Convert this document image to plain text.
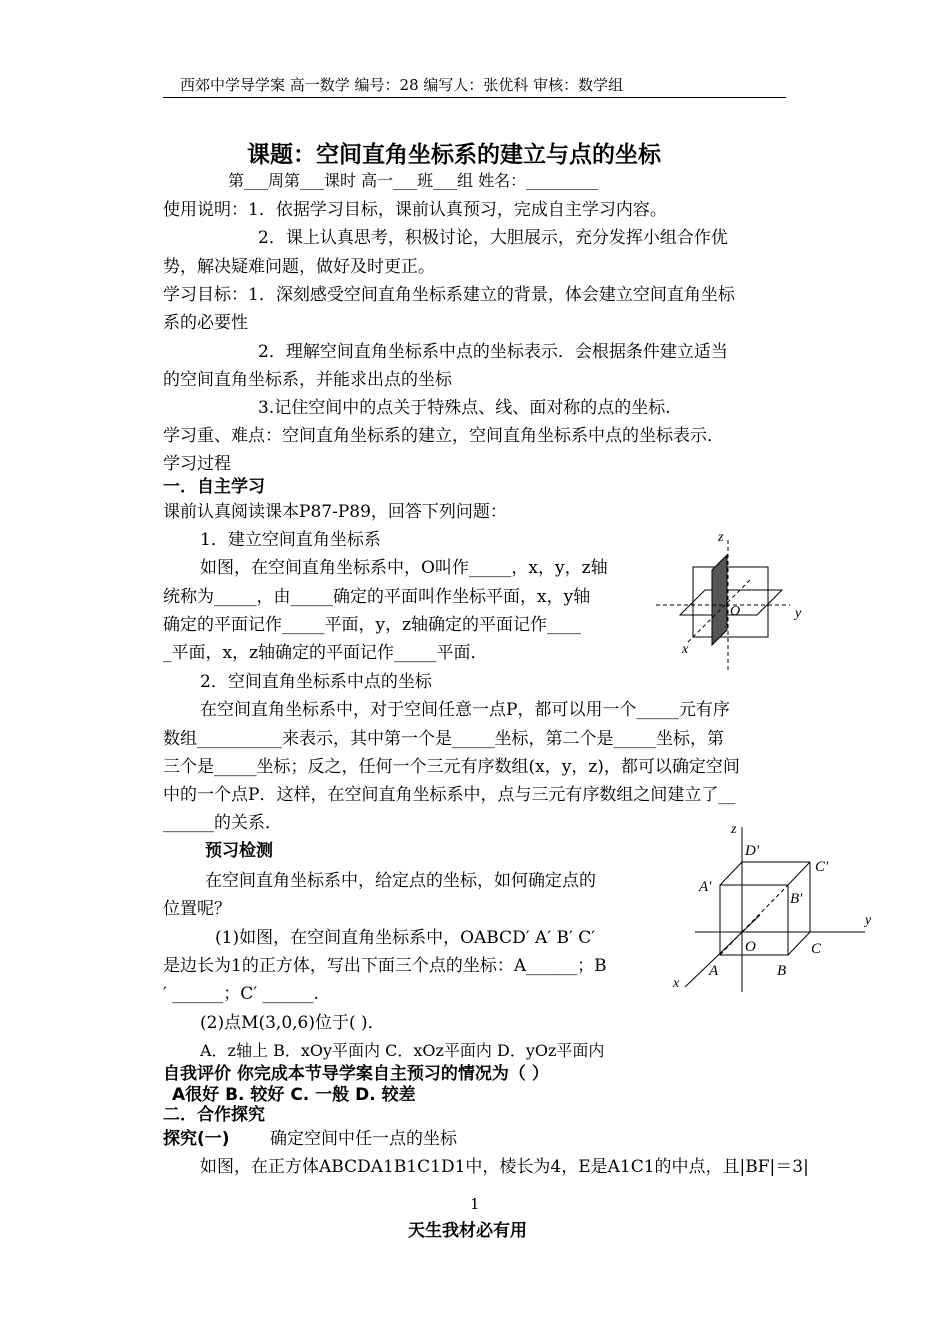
西郊中学导学案 高一数学 编号：28 编写人：张优科 审核：数学组
课题：空间直角坐标系的建立与点的坐标
第___周第___课时 高一___班___组 姓名：_________
使用说明：1．依据学习目标，课前认真预习，完成自主学习内容。
2．课上认真思考，积极讨论，大胆展示，充分发挥小组合作优
势，解决疑难问题，做好及时更正。
学习目标：1．深刻感受空间直角坐标系建立的背景，体会建立空间直角坐标
系的必要性
2．理解空间直角坐标系中点的坐标表示．会根据条件建立适当
的空间直角坐标系，并能求出点的坐标
3.记住空间中的点关于特殊点、线、面对称的点的坐标.
学习重、难点：空间直角坐标系的建立，空间直角坐标系中点的坐标表示．
学习过程
一．自主学习
课前认真阅读课本P87-P89，回答下列问题：
1．建立空间直角坐标系
如图，在空间直角坐标系中，O叫作_____，x，y，z轴
统称为_____，由_____确定的平面叫作坐标平面，x，y轴
确定的平面记作_____平面，y，z轴确定的平面记作____
_平面，x，z轴确定的平面记作_____平面．
z
y
x
O
2．空间直角坐标系中点的坐标
在空间直角坐标系中，对于空间任意一点P，都可以用一个_____元有序
数组__________来表示，其中第一个是_____坐标，第二个是_____坐标，第
三个是_____坐标；反之，任何一个三元有序数组(x，y，z)，都可以确定空间
中的一个点P．这样，在空间直角坐标系中，点与三元有序数组之间建立了__
______的关系．
预习检测
在空间直角坐标系中，给定点的坐标，如何确定点的
位置呢？
(1)如图，在空间直角坐标系中，OABCD′ A′ B′ C′
是边长为1的正方体，写出下面三个点的坐标：A______；B
′ ______；C′ ______.
(2)点M(3,0,6)位于( )．
A．z轴上 B．xOy平面内 C．xOz平面内 D．yOz平面内
z
y
x
O
A	B
C
A′
B′
C′
D′
自我评价 你完成本节导学案自主预习的情况为（ ）
A很好 B. 较好 C. 一般 D. 较差
二．合作探究
探究(一) 确定空间中任一点的坐标
如图，在正方体ABCDA1B1C1D1中，棱长为4，E是A1C1的中点，且|BF|＝3|
1
天生我材必有用
